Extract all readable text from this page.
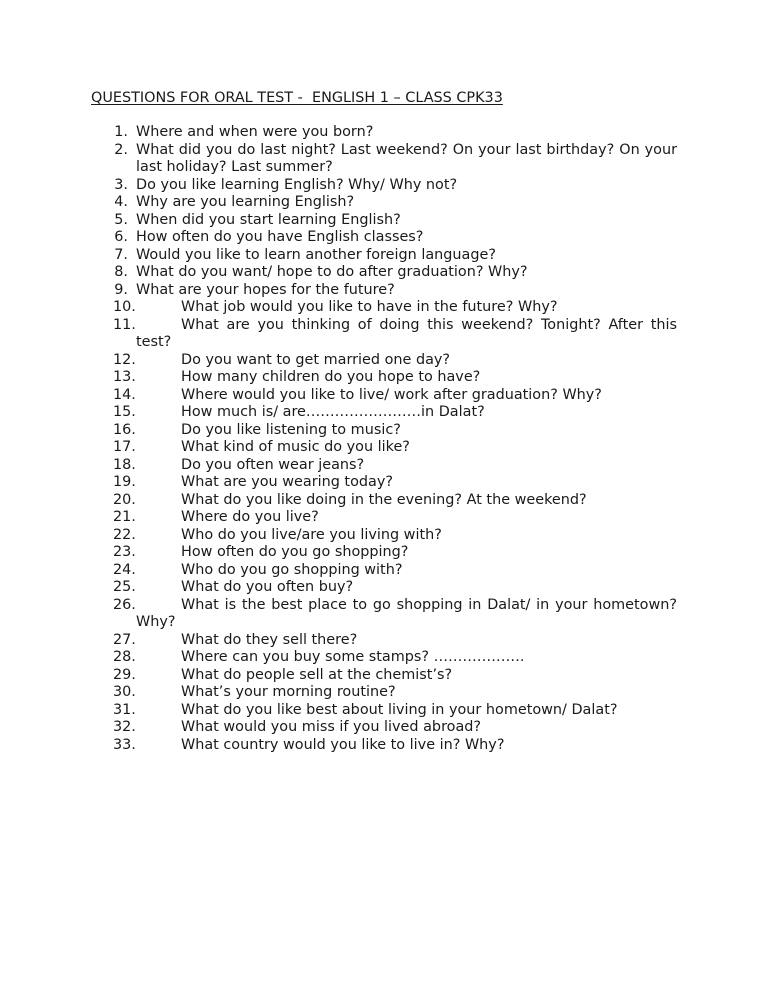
QUESTIONS FOR ORAL TEST -  ENGLISH 1 – CLASS CPK33
1. Where and when were you born?
2. What did you do last night? Last weekend? On your last birthday? On your last holiday? Last summer?
3. Do you like learning English? Why/ Why not?
4. Why are you learning English?
5. When did you start learning English?
6. How often do you have English classes?
7. Would you like to learn another foreign language?
8. What do you want/ hope to do after graduation? Why?
9. What are your hopes for the future?
10.	What job would you like to have in the future? Why?
11.	What are you thinking of doing this weekend? Tonight? After this test?
12.	Do you want to get married one day?
13.	How many children do you hope to have?
14.	Where would you like to live/ work after graduation? Why?
15.	How much is/ are……………………in Dalat?
16.	Do you like listening to music?
17.	What kind of music do you like?
18.	Do you often wear jeans?
19.	What are you wearing today?
20.	What do you like doing in the evening? At the weekend?
21.	Where do you live?
22.	Who do you live/are you living with?
23.	How often do you go shopping?
24.	Who do you go shopping with?
25.	What do you often buy?
26.	What is the best place to go shopping in Dalat/ in your hometown? Why?
27.	What do they sell there?
28.	Where can you buy some stamps? ……………….
29.	What do people sell at the chemist’s?
30.	What’s your morning routine?
31.	What do you like best about living in your hometown/ Dalat?
32.	What would you miss if you lived abroad?
33.	What country would you like to live in? Why?
